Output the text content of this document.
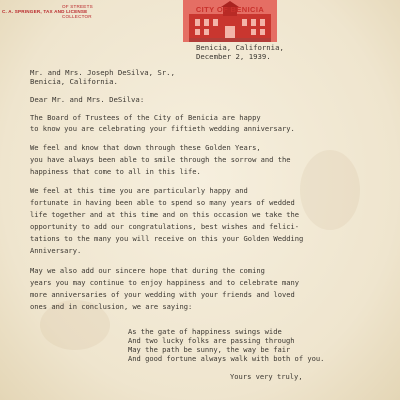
OF STREETS
C. A. SPRINGER, TAX AND LICENSE
COLLECTOR
CITY OF BENICIA
Benicia, California,
December 2, 1939.
Mr. and Mrs. Joseph DeSilva, Sr.,
Benicia, California.
Dear Mr. and Mrs. DeSilva:
The Board of Trustees of the City of Benicia are happy
to know you are celebrating your fiftieth wedding anniversary.
We feel and know that down through these Golden Years,
you have always been able to smile through the sorrow and the
happiness that come to all in this life.
We feel at this time you are particularly happy and
fortunate in having been able to spend so many years of wedded
life together and at this time and on this occasion we take the
opportunity to add our congratulations, best wishes and felici-
tations to the many you will receive on this your Golden Wedding
Anniversary.
May we also add our sincere hope that during the coming
years you may continue to enjoy happiness and to celebrate many
more anniversaries of your wedding with your friends and loved
ones and in conclusion, we are saying:
As the gate of happiness swings wide
And two lucky folks are passing through
May the path be sunny, the way be fair
And good fortune always walk with both of you.
Yours very truly,
